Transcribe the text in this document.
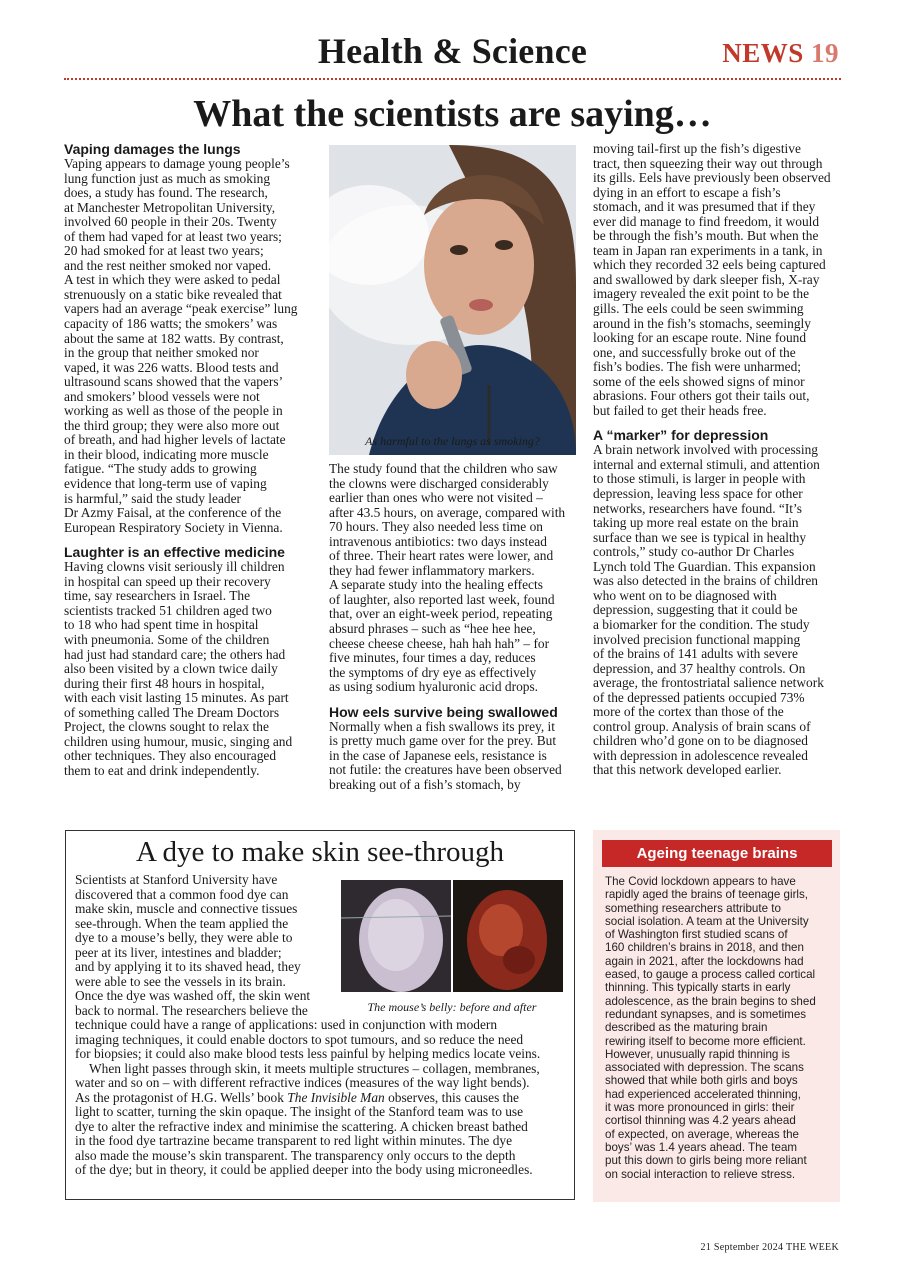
Health & Science	NEWS 19
What the scientists are saying…
Vaping damages the lungs
Vaping appears to damage young people’s
lung function just as much as smoking
does, a study has found. The research,
at Manchester Metropolitan University,
involved 60 people in their 20s. Twenty
of them had vaped for at least two years;
20 had smoked for at least two years;
and the rest neither smoked nor vaped.
A test in which they were asked to pedal
strenuously on a static bike revealed that
vapers had an average “peak exercise” lung
capacity of 186 watts; the smokers’ was
about the same at 182 watts. By contrast,
in the group that neither smoked nor
vaped, it was 226 watts. Blood tests and
ultrasound scans showed that the vapers’
and smokers’ blood vessels were not
working as well as those of the people in
the third group; they were also more out
of breath, and had higher levels of lactate
in their blood, indicating more muscle
fatigue. “The study adds to growing
evidence that long-term use of vaping
is harmful,” said the study leader
Dr Azmy Faisal, at the conference of the
European Respiratory Society in Vienna.
Laughter is an effective medicine
Having clowns visit seriously ill children
in hospital can speed up their recovery
time, say researchers in Israel. The
scientists tracked 51 children aged two
to 18 who had spent time in hospital
with pneumonia. Some of the children
had just had standard care; the others had
also been visited by a clown twice daily
during their first 48 hours in hospital,
with each visit lasting 15 minutes. As part
of something called The Dream Doctors
Project, the clowns sought to relax the
children using humour, music, singing and
other techniques. They also encouraged
them to eat and drink independently.
As harmful to the lungs as smoking?
The study found that the children who saw
the clowns were discharged considerably
earlier than ones who were not visited –
after 43.5 hours, on average, compared with
70 hours. They also needed less time on
intravenous antibiotics: two days instead
of three. Their heart rates were lower, and
they had fewer inflammatory markers.
A separate study into the healing effects
of laughter, also reported last week, found
that, over an eight-week period, repeating
absurd phrases – such as “hee hee hee,
cheese cheese cheese, hah hah hah” – for
five minutes, four times a day, reduces
the symptoms of dry eye as effectively
as using sodium hyaluronic acid drops.
How eels survive being swallowed
Normally when a fish swallows its prey, it
is pretty much game over for the prey. But
in the case of Japanese eels, resistance is
not futile: the creatures have been observed
breaking out of a fish’s stomach, by
moving tail-first up the fish’s digestive
tract, then squeezing their way out through
its gills. Eels have previously been observed
dying in an effort to escape a fish’s
stomach, and it was presumed that if they
ever did manage to find freedom, it would
be through the fish’s mouth. But when the
team in Japan ran experiments in a tank, in
which they recorded 32 eels being captured
and swallowed by dark sleeper fish, X-ray
imagery revealed the exit point to be the
gills. The eels could be seen swimming
around in the fish’s stomachs, seemingly
looking for an escape route. Nine found
one, and successfully broke out of the
fish’s bodies. The fish were unharmed;
some of the eels showed signs of minor
abrasions. Four others got their tails out,
but failed to get their heads free.
A “marker” for depression
A brain network involved with processing
internal and external stimuli, and attention
to those stimuli, is larger in people with
depression, leaving less space for other
networks, researchers have found. “It’s
taking up more real estate on the brain
surface than we see is typical in healthy
controls,” study co-author Dr Charles
Lynch told The Guardian. This expansion
was also detected in the brains of children
who went on to be diagnosed with
depression, suggesting that it could be
a biomarker for the condition. The study
involved precision functional mapping
of the brains of 141 adults with severe
depression, and 37 healthy controls. On
average, the frontostriatal salience network
of the depressed patients occupied 73%
more of the cortex than those of the
control group. Analysis of brain scans of
children who’d gone on to be diagnosed
with depression in adolescence revealed
that this network developed earlier.
A dye to make skin see-through
The mouse’s belly: before and after
Scientists at Stanford University have
discovered that a common food dye can
make skin, muscle and connective tissues
see-through. When the team applied the
dye to a mouse’s belly, they were able to
peer at its liver, intestines and bladder;
and by applying it to its shaved head, they
were able to see the vessels in its brain.
Once the dye was washed off, the skin went
back to normal. The researchers believe the
technique could have a range of applications: used in conjunction with modern
imaging techniques, it could enable doctors to spot tumours, and so reduce the need
for biopsies; it could also make blood tests less painful by helping medics locate veins.
When light passes through skin, it meets multiple structures – collagen, membranes,
water and so on – with different refractive indices (measures of the way light bends).
As the protagonist of H.G. Wells’ book The Invisible Man observes, this causes the
light to scatter, turning the skin opaque. The insight of the Stanford team was to use
dye to alter the refractive index and minimise the scattering. A chicken breast bathed
in the food dye tartrazine became transparent to red light within minutes. The dye
also made the mouse’s skin transparent. The transparency only occurs to the depth
of the dye; but in theory, it could be applied deeper into the body using microneedles.
Ageing teenage brains
The Covid lockdown appears to have
rapidly aged the brains of teenage girls,
something researchers attribute to
social isolation. A team at the University
of Washington first studied scans of
160 children’s brains in 2018, and then
again in 2021, after the lockdowns had
eased, to gauge a process called cortical
thinning. This typically starts in early
adolescence, as the brain begins to shed
redundant synapses, and is sometimes
described as the maturing brain
rewiring itself to become more efficient.
However, unusually rapid thinning is
associated with depression. The scans
showed that while both girls and boys
had experienced accelerated thinning,
it was more pronounced in girls: their
cortisol thinning was 4.2 years ahead
of expected, on average, whereas the
boys’ was 1.4 years ahead. The team
put this down to girls being more reliant
on social interaction to relieve stress.
21 September 2024 THE WEEK
